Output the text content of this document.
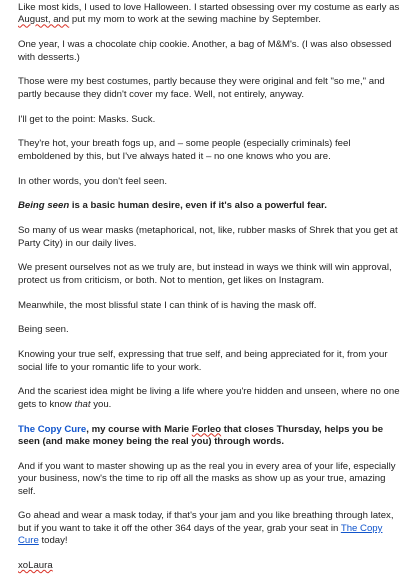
Like most kids, I used to love Halloween. I started obsessing over my costume as early as August, and put my mom to work at the sewing machine by September.

One year, I was a chocolate chip cookie. Another, a bag of M&M's. (I was also obsessed with desserts.)

Those were my best costumes, partly because they were original and felt "so me," and partly because they didn't cover my face. Well, not entirely, anyway.

I'll get to the point: Masks. Suck.

They're hot, your breath fogs up, and – some people (especially criminals) feel emboldened by this, but I've always hated it – no one knows who you are.

In other words, you don't feel seen.

Being seen is a basic human desire, even if it's also a powerful fear.

So many of us wear masks (metaphorical, not, like, rubber masks of Shrek that you get at Party City) in our daily lives.

We present ourselves not as we truly are, but instead in ways we think will win approval, protect us from criticism, or both. Not to mention, get likes on Instagram.

Meanwhile, the most blissful state I can think of is having the mask off.

Being seen.

Knowing your true self, expressing that true self, and being appreciated for it, from your social life to your romantic life to your work.

And the scariest idea might be living a life where you're hidden and unseen, where no one gets to know that you.

The Copy Cure, my course with Marie Forleo that closes Thursday, helps you be seen (and make money being the real you) through words.

And if you want to master showing up as the real you in every area of your life, especially your business, now's the time to rip off all the masks as show up as your true, amazing self.

Go ahead and wear a mask today, if that's your jam and you like breathing through latex, but if you want to take it off the other 364 days of the year, grab your seat in The Copy Cure today!

xoLaura
